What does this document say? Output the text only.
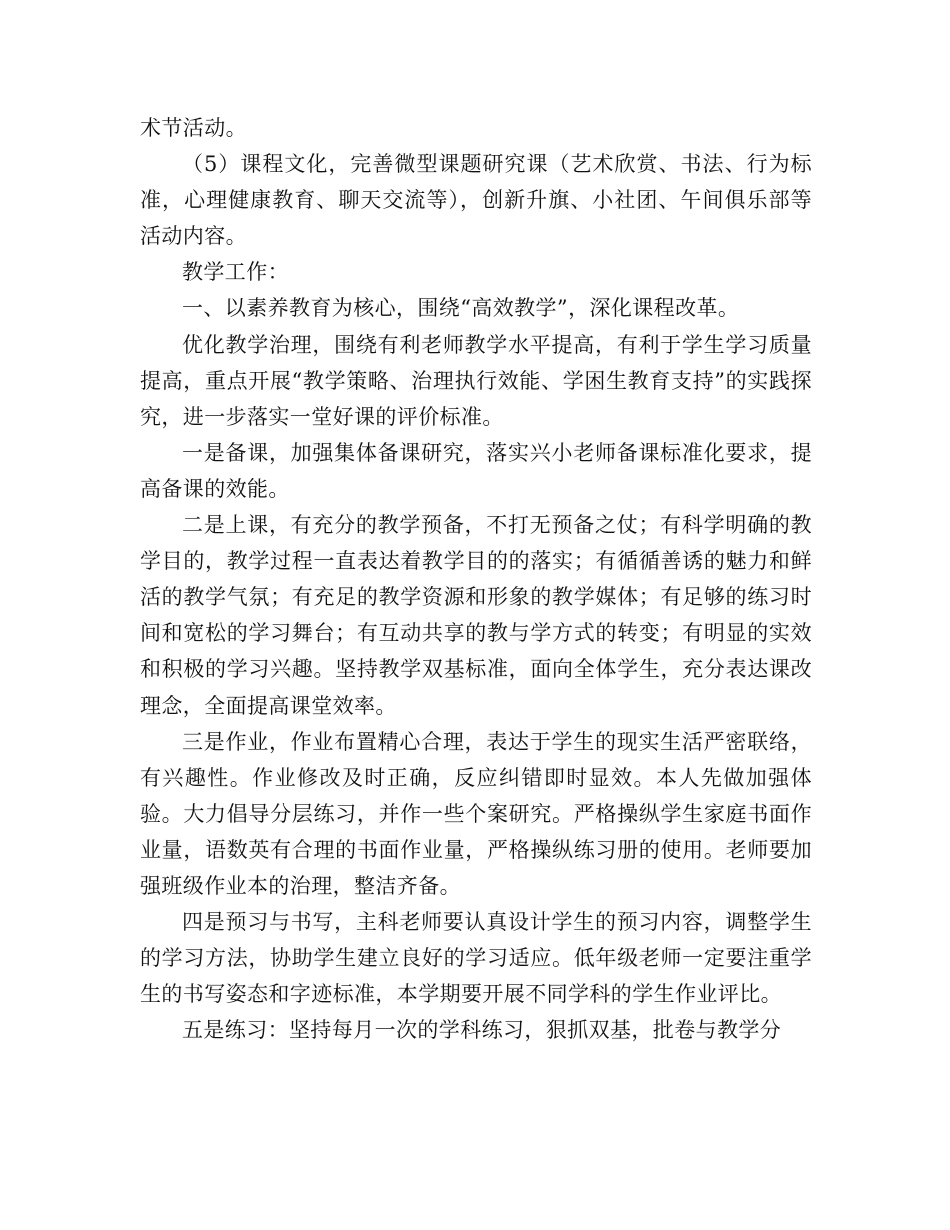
术节活动。

（5）课程文化，完善微型课题研究课（艺术欣赏、书法、行为标准，心理健康教育、聊天交流等），创新升旗、小社团、午间俱乐部等活动内容。

教学工作：

一、以素养教育为核心，围绕“高效教学”，深化课程改革。

优化教学治理，围绕有利老师教学水平提高，有利于学生学习质量提高，重点开展“教学策略、治理执行效能、学困生教育支持”的实践探究，进一步落实一堂好课的评价标准。

一是备课，加强集体备课研究，落实兴小老师备课标准化要求，提高备课的效能。

二是上课，有充分的教学预备，不打无预备之仗；有科学明确的教学目的，教学过程一直表达着教学目的的落实；有循循善诱的魅力和鲜活的教学气氛；有充足的教学资源和形象的教学媒体；有足够的练习时间和宽松的学习舞台；有互动共享的教与学方式的转变；有明显的实效和积极的学习兴趣。坚持教学双基标准，面向全体学生，充分表达课改理念，全面提高课堂效率。

三是作业，作业布置精心合理，表达于学生的现实生活严密联络，有兴趣性。作业修改及时正确，反应纠错即时显效。本人先做加强体验。大力倡导分层练习，并作一些个案研究。严格操纵学生家庭书面作业量，语数英有合理的书面作业量，严格操纵练习册的使用。老师要加强班级作业本的治理，整洁齐备。

四是预习与书写，主科老师要认真设计学生的预习内容，调整学生的学习方法，协助学生建立良好的学习适应。低年级老师一定要注重学生的书写姿态和字迹标准，本学期要开展不同学科的学生作业评比。

五是练习：坚持每月一次的学科练习，狠抓双基，批卷与教学分
